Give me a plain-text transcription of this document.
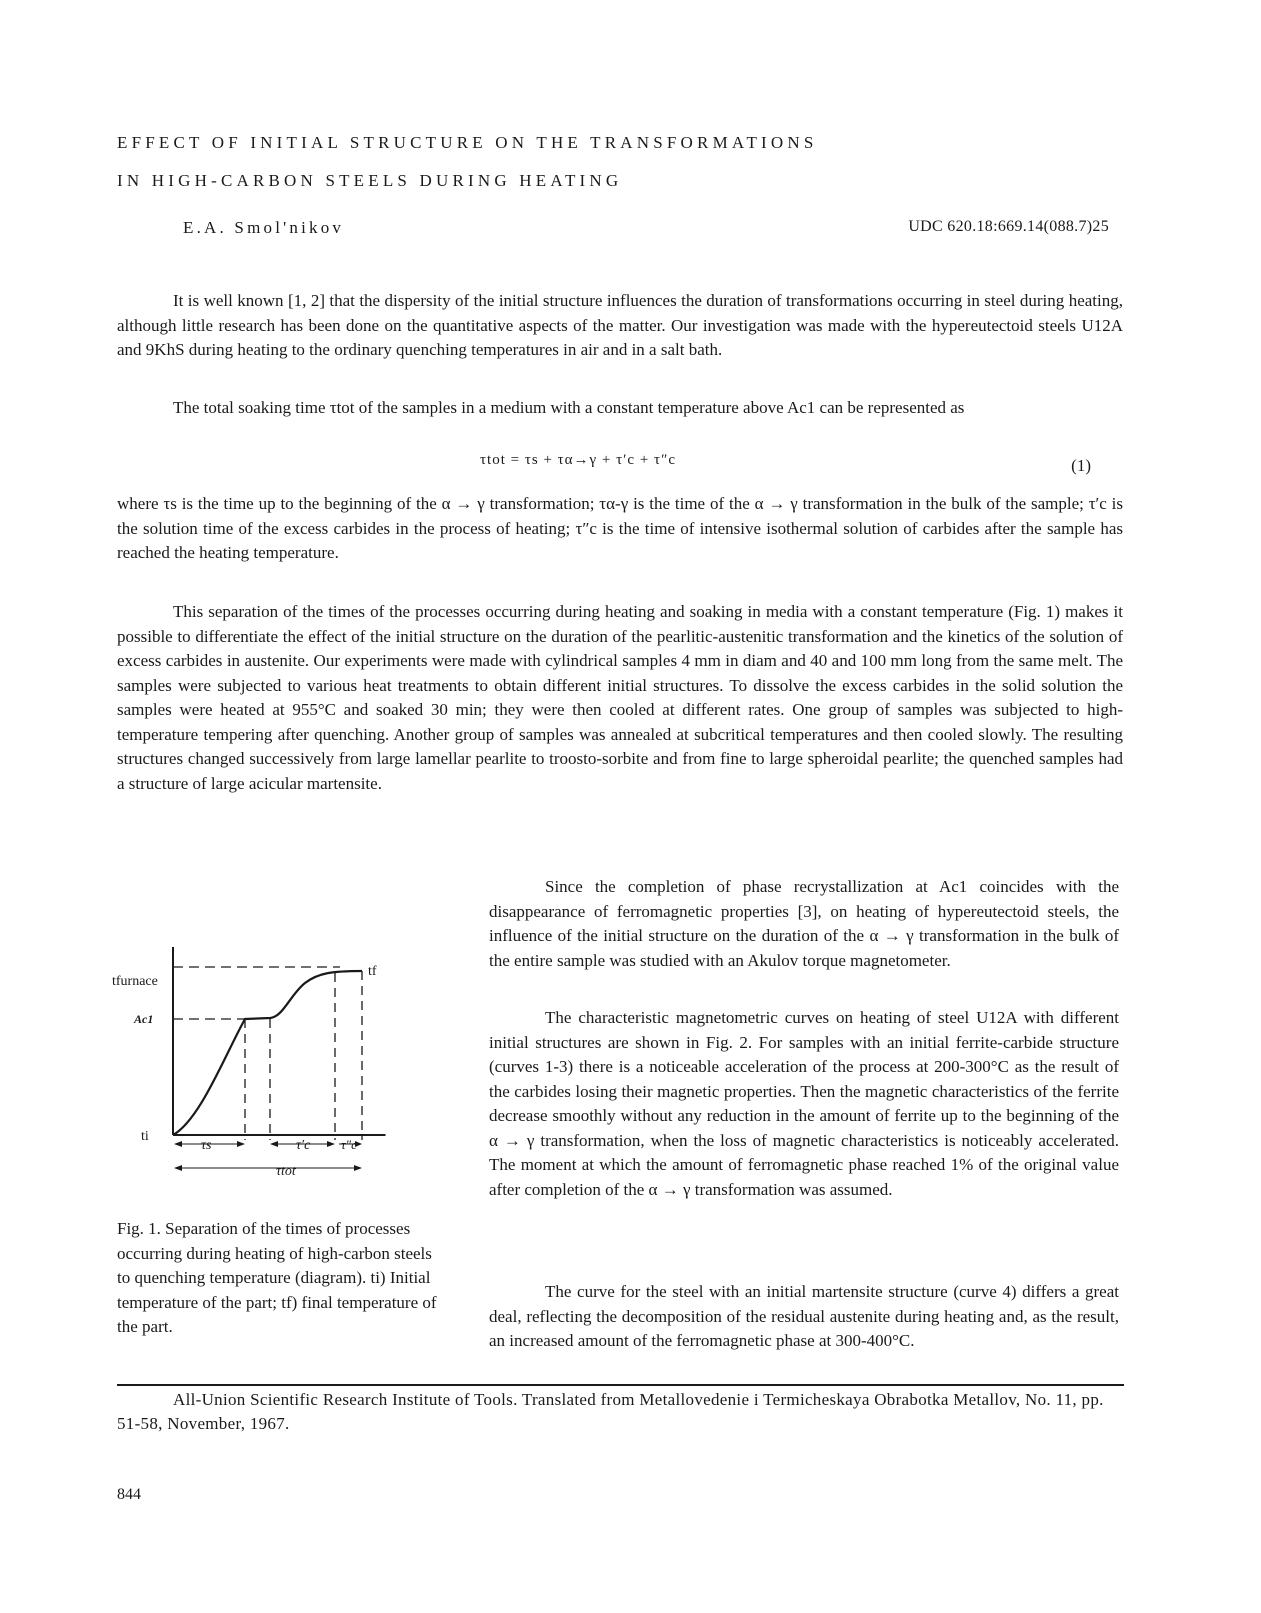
EFFECT OF INITIAL STRUCTURE ON THE TRANSFORMATIONS
IN HIGH-CARBON STEELS DURING HEATING
E.A. Smol'nikov	UDC 620.18:669.14(088.7)25

It is well known [1, 2] that the dispersity of the initial structure influences the duration of transformations occurring in steel during heating, although little research has been done on the quantitative aspects of the matter. Our investigation was made with the hypereutectoid steels U12A and 9KhS during heating to the ordinary quenching temperatures in air and in a salt bath.

The total soaking time τtot of the samples in a medium with a constant temperature above Ac1 can be represented as

τtot = τs + τα→γ + τ′c + τ″c	(1)

where τs is the time up to the beginning of the α → γ transformation; τα-γ is the time of the α → γ transformation in the bulk of the sample; τ′c is the solution time of the excess carbides in the process of heating; τ″c is the time of intensive isothermal solution of carbides after the sample has reached the heating temperature.

This separation of the times of the processes occurring during heating and soaking in media with a constant temperature (Fig. 1) makes it possible to differentiate the effect of the initial structure on the duration of the pearlitic-austenitic transformation and the kinetics of the solution of excess carbides in austenite. Our experiments were made with cylindrical samples 4 mm in diam and 40 and 100 mm long from the same melt. The samples were subjected to various heat treatments to obtain different initial structures. To dissolve the excess carbides in the solid solution the samples were heated at 955°C and soaked 30 min; they were then cooled at different rates. One group of samples was subjected to high-temperature tempering after quenching. Another group of samples was annealed at subcritical temperatures and then cooled slowly. The resulting structures changed successively from large lamellar pearlite to troosto-sorbite and from fine to large spheroidal pearlite; the quenched samples had a structure of large acicular martensite.

tfurnace
Ac1
ti
tf
τs	τ′c τ″c
τtot

Fig. 1. Separation of the times of processes occurring during heating of high-carbon steels to quenching temperature (diagram). ti) Initial temperature of the part; tf) final temperature of the part.

Since the completion of phase recrystallization at Ac1 coincides with the disappearance of ferromagnetic properties [3], on heating of hypereutectoid steels, the influence of the initial structure on the duration of the α → γ transformation in the bulk of the entire sample was studied with an Akulov torque magnetometer.

The characteristic magnetometric curves on heating of steel U12A with different initial structures are shown in Fig. 2. For samples with an initial ferrite-carbide structure (curves 1-3) there is a noticeable acceleration of the process at 200-300°C as the result of the carbides losing their magnetic properties. Then the magnetic characteristics of the ferrite decrease smoothly without any reduction in the amount of ferrite up to the beginning of the α → γ transformation, when the loss of magnetic characteristics is noticeably accelerated. The moment at which the amount of ferromagnetic phase reached 1% of the original value after completion of the α → γ transformation was assumed.

The curve for the steel with an initial martensite structure (curve 4) differs a great deal, reflecting the decomposition of the residual austenite during heating and, as the result, an increased amount of the ferromagnetic phase at 300-400°C.

All-Union Scientific Research Institute of Tools. Translated from Metallovedenie i Termicheskaya Obrabotka Metallov, No. 11, pp. 51-58, November, 1967.

844
